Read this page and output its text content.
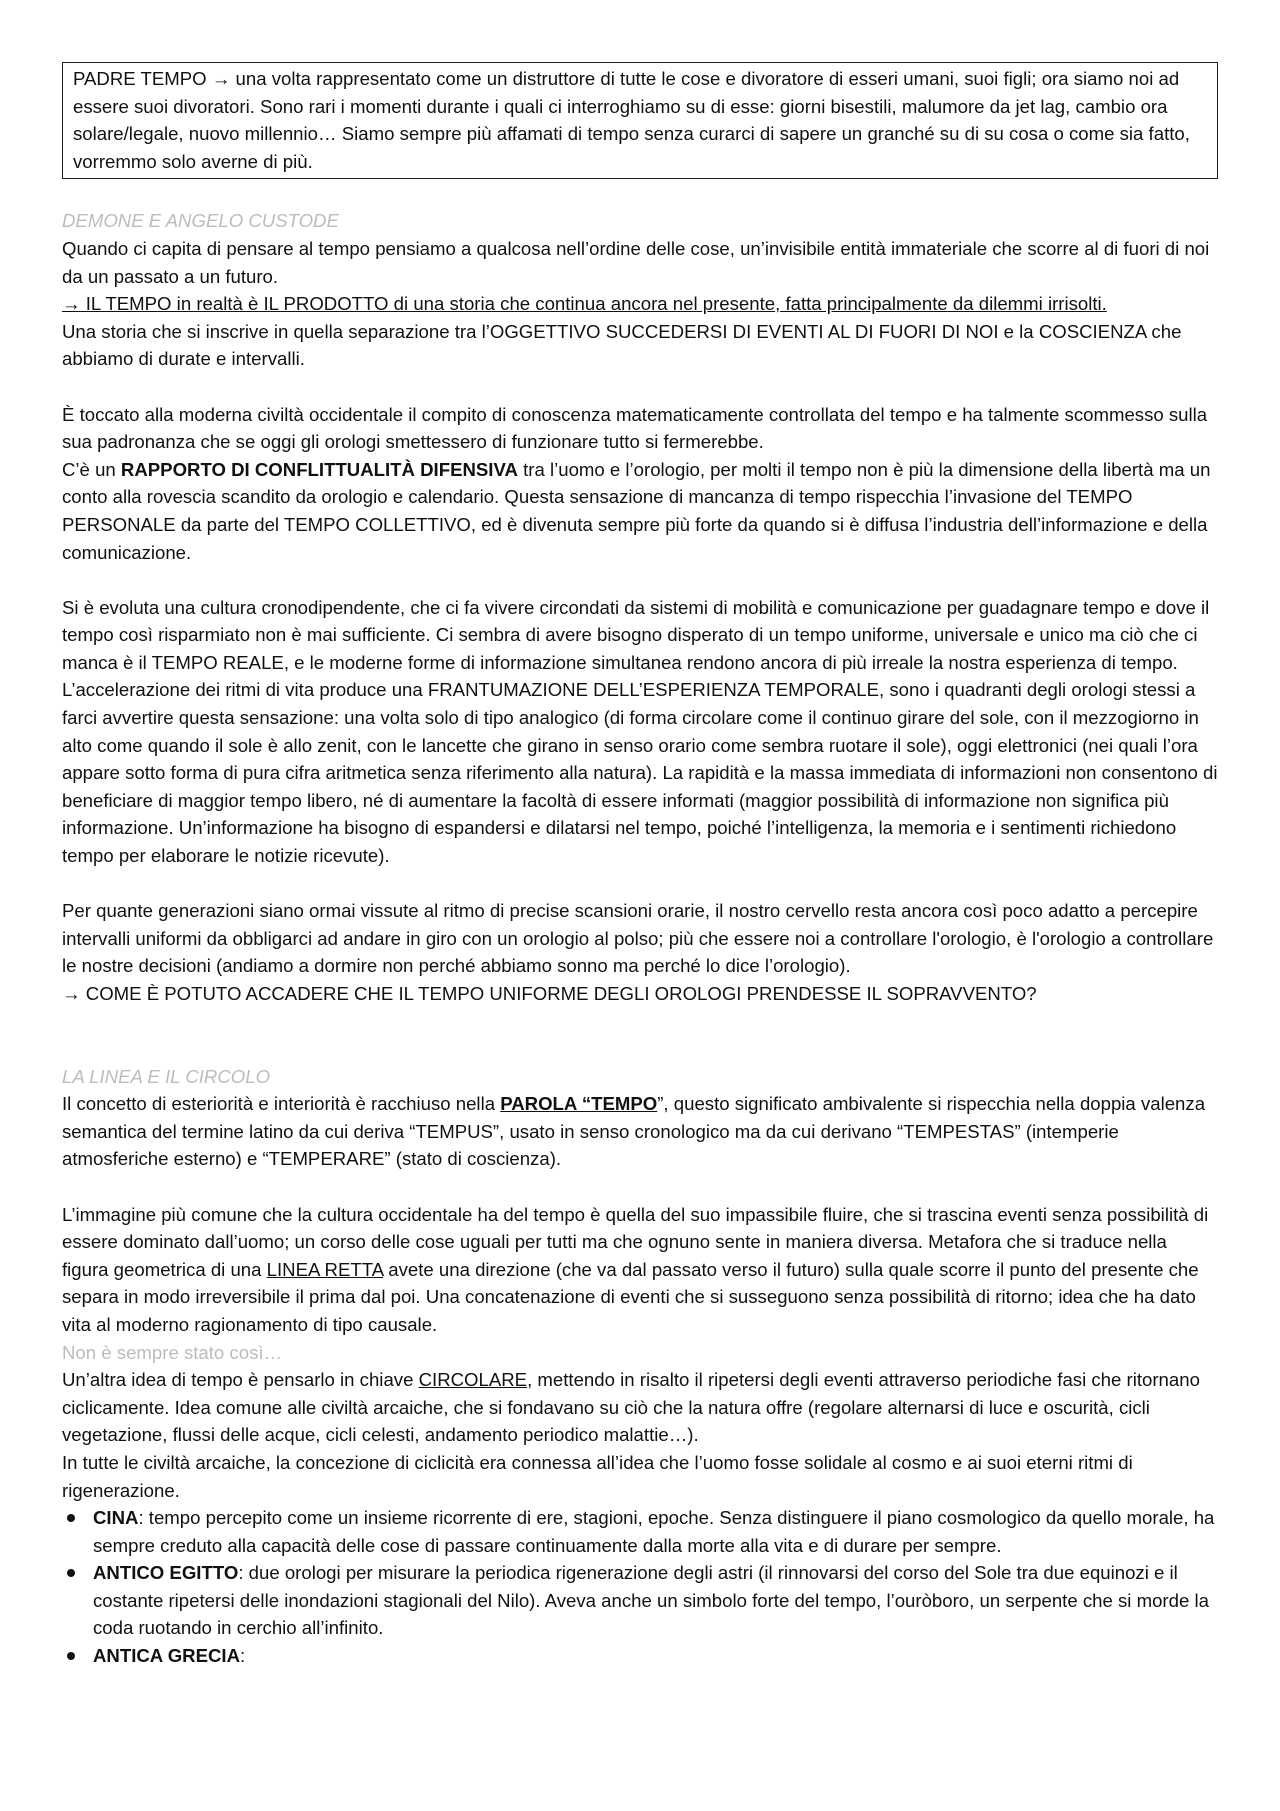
PADRE TEMPO → una volta rappresentato come un distruttore di tutte le cose e divoratore di esseri umani, suoi figli; ora siamo noi ad essere suoi divoratori. Sono rari i momenti durante i quali ci interroghiamo su di esse: giorni bisestili, malumore da jet lag, cambio ora solare/legale, nuovo millennio… Siamo sempre più affamati di tempo senza curarci di sapere un granché su di su cosa o come sia fatto, vorremmo solo averne di più.

DEMONE E ANGELO CUSTODE

Quando ci capita di pensare al tempo pensiamo a qualcosa nell’ordine delle cose, un’invisibile entità immateriale che scorre al di fuori di noi da un passato a un futuro.

→ IL TEMPO in realtà è IL PRODOTTO di una storia che continua ancora nel presente, fatta principalmente da dilemmi irrisolti.

Una storia che si inscrive in quella separazione tra l’OGGETTIVO SUCCEDERSI DI EVENTI AL DI FUORI DI NOI e la COSCIENZA che abbiamo di durate e intervalli.

È toccato alla moderna civiltà occidentale il compito di conoscenza matematicamente controllata del tempo e ha talmente scommesso sulla sua padronanza che se oggi gli orologi smettessero di funzionare tutto si fermerebbe.

C’è un RAPPORTO DI CONFLITTUALITÀ DIFENSIVA tra l’uomo e l’orologio, per molti il tempo non è più la dimensione della libertà ma un conto alla rovescia scandito da orologio e calendario. Questa sensazione di mancanza di tempo rispecchia l’invasione del TEMPO PERSONALE da parte del TEMPO COLLETTIVO, ed è divenuta sempre più forte da quando si è diffusa l’industria dell’informazione e della comunicazione.

Si è evoluta una cultura cronodipendente, che ci fa vivere circondati da sistemi di mobilità e comunicazione per guadagnare tempo e dove il tempo così risparmiato non è mai sufficiente. Ci sembra di avere bisogno disperato di un tempo uniforme, universale e unico ma ciò che ci manca è il TEMPO REALE, e le moderne forme di informazione simultanea rendono ancora di più irreale la nostra esperienza di tempo. L’accelerazione dei ritmi di vita produce una FRANTUMAZIONE DELL’ESPERIENZA TEMPORALE, sono i quadranti degli orologi stessi a farci avvertire questa sensazione: una volta solo di tipo analogico (di forma circolare come il continuo girare del sole, con il mezzogiorno in alto come quando il sole è allo zenit, con le lancette che girano in senso orario come sembra ruotare il sole), oggi elettronici (nei quali l’ora appare sotto forma di pura cifra aritmetica senza riferimento alla natura). La rapidità e la massa immediata di informazioni non consentono di beneficiare di maggior tempo libero, né di aumentare la facoltà di essere informati (maggior possibilità di informazione non significa più informazione. Un’informazione ha bisogno di espandersi e dilatarsi nel tempo, poiché l’intelligenza, la memoria e i sentimenti richiedono tempo per elaborare le notizie ricevute).

Per quante generazioni siano ormai vissute al ritmo di precise scansioni orarie, il nostro cervello resta ancora così poco adatto a percepire intervalli uniformi da obbligarci ad andare in giro con un orologio al polso; più che essere noi a controllare l'orologio, è l'orologio a controllare le nostre decisioni (andiamo a dormire non perché abbiamo sonno ma perché lo dice l’orologio).

→ COME È POTUTO ACCADERE CHE IL TEMPO UNIFORME DEGLI OROLOGI PRENDESSE IL SOPRAVVENTO?

LA LINEA E IL CIRCOLO

Il concetto di esteriorità e interiorità è racchiuso nella PAROLA “TEMPO”, questo significato ambivalente si rispecchia nella doppia valenza semantica del termine latino da cui deriva “TEMPUS”, usato in senso cronologico ma da cui derivano “TEMPESTAS” (intemperie atmosferiche esterno) e “TEMPERARE” (stato di coscienza).

L’immagine più comune che la cultura occidentale ha del tempo è quella del suo impassibile fluire, che si trascina eventi senza possibilità di essere dominato dall’uomo; un corso delle cose uguali per tutti ma che ognuno sente in maniera diversa. Metafora che si traduce nella figura geometrica di una LINEA RETTA avete una direzione (che va dal passato verso il futuro) sulla quale scorre il punto del presente che separa in modo irreversibile il prima dal poi. Una concatenazione di eventi che si susseguono senza possibilità di ritorno; idea che ha dato vita al moderno ragionamento di tipo causale.

Non è sempre stato così…

Un’altra idea di tempo è pensarlo in chiave CIRCOLARE, mettendo in risalto il ripetersi degli eventi attraverso periodiche fasi che ritornano ciclicamente. Idea comune alle civiltà arcaiche, che si fondavano su ciò che la natura offre (regolare alternarsi di luce e oscurità, cicli vegetazione, flussi delle acque, cicli celesti, andamento periodico malattie…).

In tutte le civiltà arcaiche, la concezione di ciclicità era connessa all’idea che l’uomo fosse solidale al cosmo e ai suoi eterni ritmi di rigenerazione.

CINA: tempo percepito come un insieme ricorrente di ere, stagioni, epoche. Senza distinguere il piano cosmologico da quello morale, ha sempre creduto alla capacità delle cose di passare continuamente dalla morte alla vita e di durare per sempre.
ANTICO EGITTO: due orologi per misurare la periodica rigenerazione degli astri (il rinnovarsi del corso del Sole tra due equinozi e il costante ripetersi delle inondazioni stagionali del Nilo). Aveva anche un simbolo forte del tempo, l’ouròboro, un serpente che si morde la coda ruotando in cerchio all’infinito.
ANTICA GRECIA:
